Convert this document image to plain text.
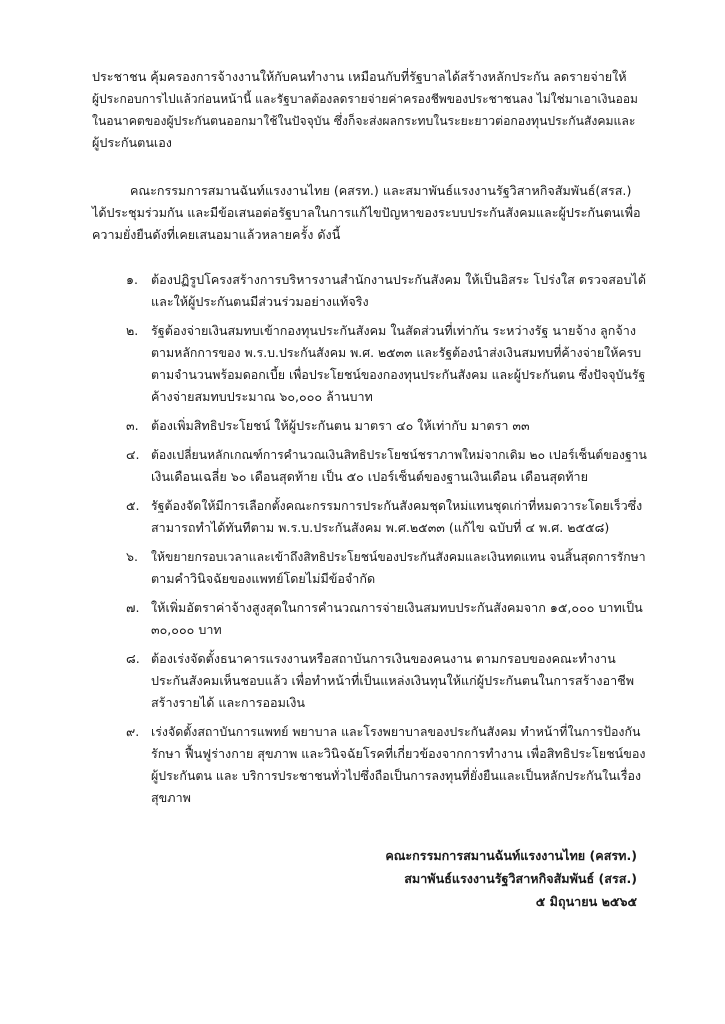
ประชาชน คุ้มครองการจ้างงานให้กับคนทำงาน เหมือนกับที่รัฐบาลได้สร้างหลักประกัน ลดรายจ่ายให้
ผู้ประกอบการไปแล้วก่อนหน้านี้ และรัฐบาลต้องลดรายจ่ายค่าครองชีพของประชาชนลง ไม่ใช่มาเอาเงินออม
ในอนาคตของผู้ประกันตนออกมาใช้ในปัจจุบัน ซึ่งก็จะส่งผลกระทบในระยะยาวต่อกองทุนประกันสังคมและ
ผู้ประกันตนเอง

คณะกรรมการสมานฉันท์แรงงานไทย (คสรท.) และสมาพันธ์แรงงานรัฐวิสาหกิจสัมพันธ์(สรส.)
ได้ประชุมร่วมกัน และมีข้อเสนอต่อรัฐบาลในการแก้ไขปัญหาของระบบประกันสังคมและผู้ประกันตนเพื่อ
ความยั่งยืนดังที่เคยเสนอมาแล้วหลายครั้ง ดังนี้

๑. ต้องปฏิรูปโครงสร้างการบริหารงานสำนักงานประกันสังคม ให้เป็นอิสระ โปร่งใส ตรวจสอบได้
และให้ผู้ประกันตนมีส่วนร่วมอย่างแท้จริง
๒. รัฐต้องจ่ายเงินสมทบเข้ากองทุนประกันสังคม ในสัดส่วนที่เท่ากัน ระหว่างรัฐ นายจ้าง ลูกจ้าง
ตามหลักการของ พ.ร.บ.ประกันสังคม พ.ศ. ๒๕๓๓ และรัฐต้องนำส่งเงินสมทบที่ค้างจ่ายให้ครบ
ตามจำนวนพร้อมดอกเบี้ย เพื่อประโยชน์ของกองทุนประกันสังคม และผู้ประกันตน ซึ่งปัจจุบันรัฐ
ค้างจ่ายสมทบประมาณ ๖๐,๐๐๐ ล้านบาท
๓. ต้องเพิ่มสิทธิประโยชน์ ให้ผู้ประกันตน มาตรา ๔๐ ให้เท่ากับ มาตรา ๓๓
๔. ต้องเปลี่ยนหลักเกณฑ์การคำนวณเงินสิทธิประโยชน์ชราภาพใหม่จากเดิม ๒๐ เปอร์เซ็นต์ของฐาน
เงินเดือนเฉลี่ย ๖๐ เดือนสุดท้าย เป็น ๕๐ เปอร์เซ็นต์ของฐานเงินเดือน เดือนสุดท้าย
๕. รัฐต้องจัดให้มีการเลือกตั้งคณะกรรมการประกันสังคมชุดใหม่แทนชุดเก่าที่หมดวาระโดยเร็วซึ่ง
สามารถทำได้ทันทีตาม พ.ร.บ.ประกันสังคม พ.ศ.๒๕๓๓ (แก้ไข ฉบับที่ ๔ พ.ศ. ๒๕๕๘)
๖. ให้ขยายกรอบเวลาและเข้าถึงสิทธิประโยชน์ของประกันสังคมและเงินทดแทน จนสิ้นสุดการรักษา
ตามคำวินิจฉัยของแพทย์โดยไม่มีข้อจำกัด
๗. ให้เพิ่มอัตราค่าจ้างสูงสุดในการคำนวณการจ่ายเงินสมทบประกันสังคมจาก ๑๕,๐๐๐ บาทเป็น
๓๐,๐๐๐ บาท
๘. ต้องเร่งจัดตั้งธนาคารแรงงานหรือสถาบันการเงินของคนงาน ตามกรอบของคณะทำงาน
ประกันสังคมเห็นชอบแล้ว เพื่อทำหน้าที่เป็นแหล่งเงินทุนให้แก่ผู้ประกันตนในการสร้างอาชีพ
สร้างรายได้ และการออมเงิน
๙. เร่งจัดตั้งสถาบันการแพทย์ พยาบาล และโรงพยาบาลของประกันสังคม ทำหน้าที่ในการป้องกัน
รักษา ฟื้นฟูร่างกาย สุขภาพ และวินิจฉัยโรคที่เกี่ยวข้องจากการทำงาน เพื่อสิทธิประโยชน์ของ
ผู้ประกันตน และ บริการประชาชนทั่วไปซึ่งถือเป็นการลงทุนที่ยั่งยืนและเป็นหลักประกันในเรื่อง
สุขภาพ
คณะกรรมการสมานฉันท์แรงงานไทย (คสรท.)
สมาพันธ์แรงงานรัฐวิสาหกิจสัมพันธ์ (สรส.)
๕ มิถุนายน ๒๕๖๕
